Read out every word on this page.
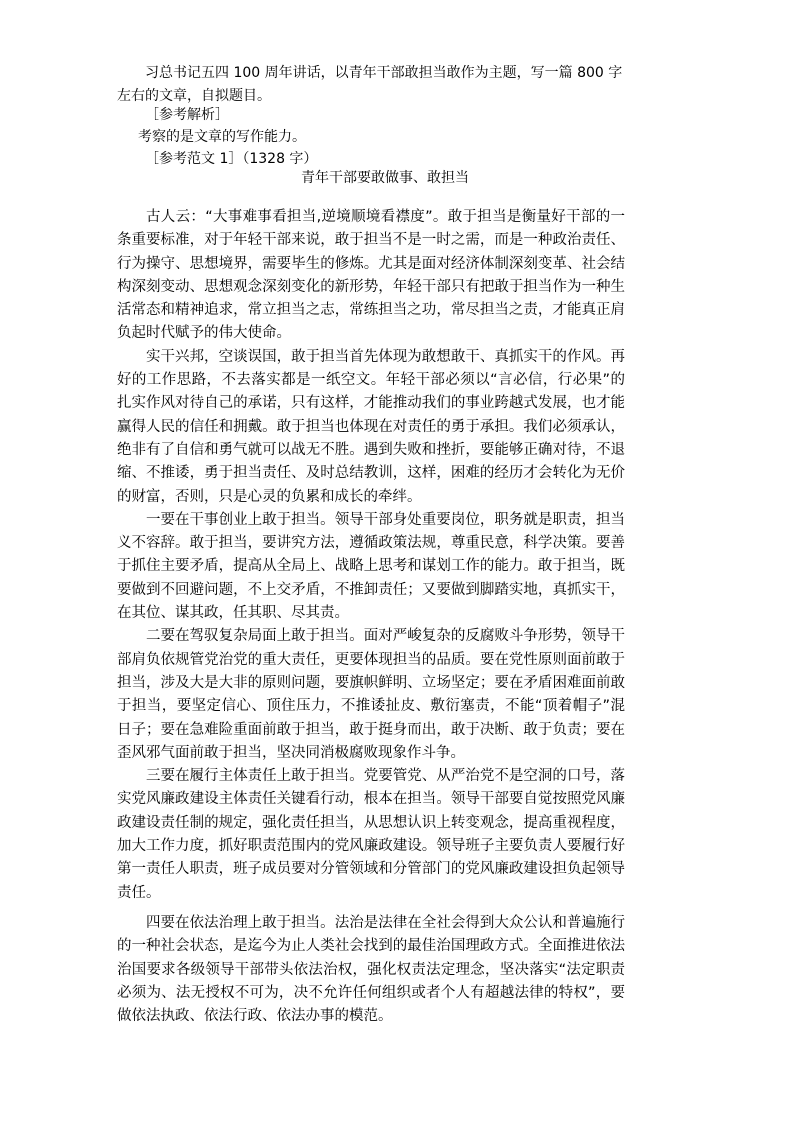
习总书记五四 100 周年讲话，以青年干部敢担当敢作为主题，写一篇 800 字左右的文章，自拟题目。
［参考解析］
考察的是文章的写作能力。
［参考范文 1］（1328 字）
青年干部要敢做事、敢担当

古人云：“大事难事看担当,逆境顺境看襟度”。敢于担当是衡量好干部的一条重要标准，对于年轻干部来说，敢于担当不是一时之需，而是一种政治责任、行为操守、思想境界，需要毕生的修炼。尤其是面对经济体制深刻变革、社会结构深刻变动、思想观念深刻变化的新形势，年轻干部只有把敢于担当作为一种生活常态和精神追求，常立担当之志，常练担当之功，常尽担当之责，才能真正肩负起时代赋予的伟大使命。

实干兴邦，空谈误国，敢于担当首先体现为敢想敢干、真抓实干的作风。再好的工作思路，不去落实都是一纸空文。年轻干部必须以“言必信，行必果”的扎实作风对待自己的承诺，只有这样，才能推动我们的事业跨越式发展，也才能赢得人民的信任和拥戴。敢于担当也体现在对责任的勇于承担。我们必须承认，绝非有了自信和勇气就可以战无不胜。遇到失败和挫折，要能够正确对待，不退缩、不推诿，勇于担当责任、及时总结教训，这样，困难的经历才会转化为无价的财富，否则，只是心灵的负累和成长的牵绊。

一要在干事创业上敢于担当。领导干部身处重要岗位，职务就是职责，担当义不容辞。敢于担当，要讲究方法，遵循政策法规，尊重民意，科学决策。要善于抓住主要矛盾，提高从全局上、战略上思考和谋划工作的能力。敢于担当，既要做到不回避问题，不上交矛盾，不推卸责任；又要做到脚踏实地，真抓实干，在其位、谋其政，任其职、尽其责。

二要在驾驭复杂局面上敢于担当。面对严峻复杂的反腐败斗争形势，领导干部肩负依规管党治党的重大责任，更要体现担当的品质。要在党性原则面前敢于担当，涉及大是大非的原则问题，要旗帜鲜明、立场坚定；要在矛盾困难面前敢于担当，要坚定信心、顶住压力，不推诿扯皮、敷衍塞责，不能“顶着帽子”混日子；要在急难险重面前敢于担当，敢于挺身而出，敢于决断、敢于负责；要在歪风邪气面前敢于担当，坚决同消极腐败现象作斗争。

三要在履行主体责任上敢于担当。党要管党、从严治党不是空洞的口号，落实党风廉政建设主体责任关键看行动，根本在担当。领导干部要自觉按照党风廉政建设责任制的规定，强化责任担当，从思想认识上转变观念，提高重视程度，加大工作力度，抓好职责范围内的党风廉政建设。领导班子主要负责人要履行好第一责任人职责，班子成员要对分管领域和分管部门的党风廉政建设担负起领导责任。

四要在依法治理上敢于担当。法治是法律在全社会得到大众公认和普遍施行的一种社会状态，是迄今为止人类社会找到的最佳治国理政方式。全面推进依法治国要求各级领导干部带头依法治权，强化权责法定理念，坚决落实“法定职责必须为、法无授权不可为，决不允许任何组织或者个人有超越法律的特权”，要做依法执政、依法行政、依法办事的模范。
